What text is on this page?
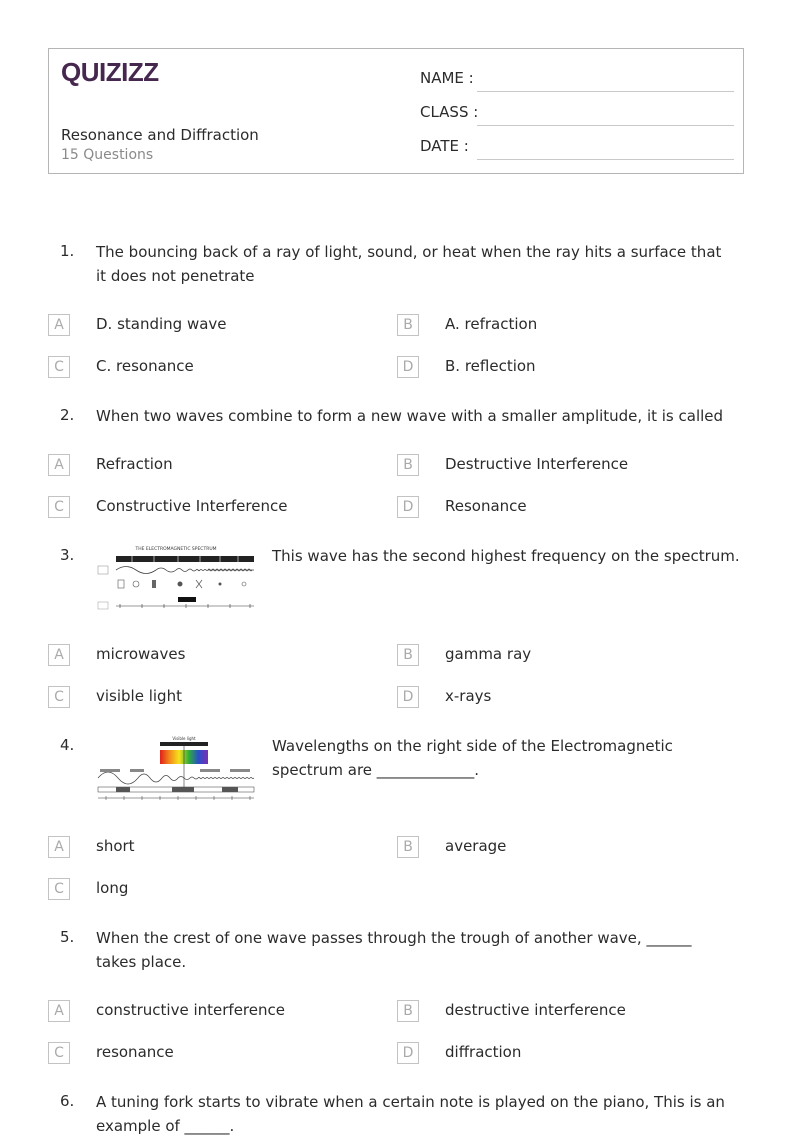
QUIZIZZ
Resonance and Diffraction
15 Questions
NAME :
CLASS :
DATE :
1. The bouncing back of a ray of light, sound, or heat when the ray hits a surface that it does not penetrate
A	D. standing wave	B	A. refraction
C	C. resonance	D	B. reflection
2. When two waves combine to form a new wave with a smaller amplitude, it is called
A	Refraction	B	Destructive Interference
C	Constructive Interference	D	Resonance
3.	THE ELECTROMAGNETIC SPECTRUM	This wave has the second highest frequency on the spectrum.
A	microwaves	B	gamma ray
C	visible light	D	x-rays
4.	Visible light	Wavelengths on the right side of the Electromagnetic spectrum are _____________.
A	short	B	average
C	long
5. When the crest of one wave passes through the trough of another wave, ______ takes place.
A	constructive interference	B	destructive interference
C	resonance	D	diffraction
6. A tuning fork starts to vibrate when a certain note is played on the piano, This is an example of ______.
